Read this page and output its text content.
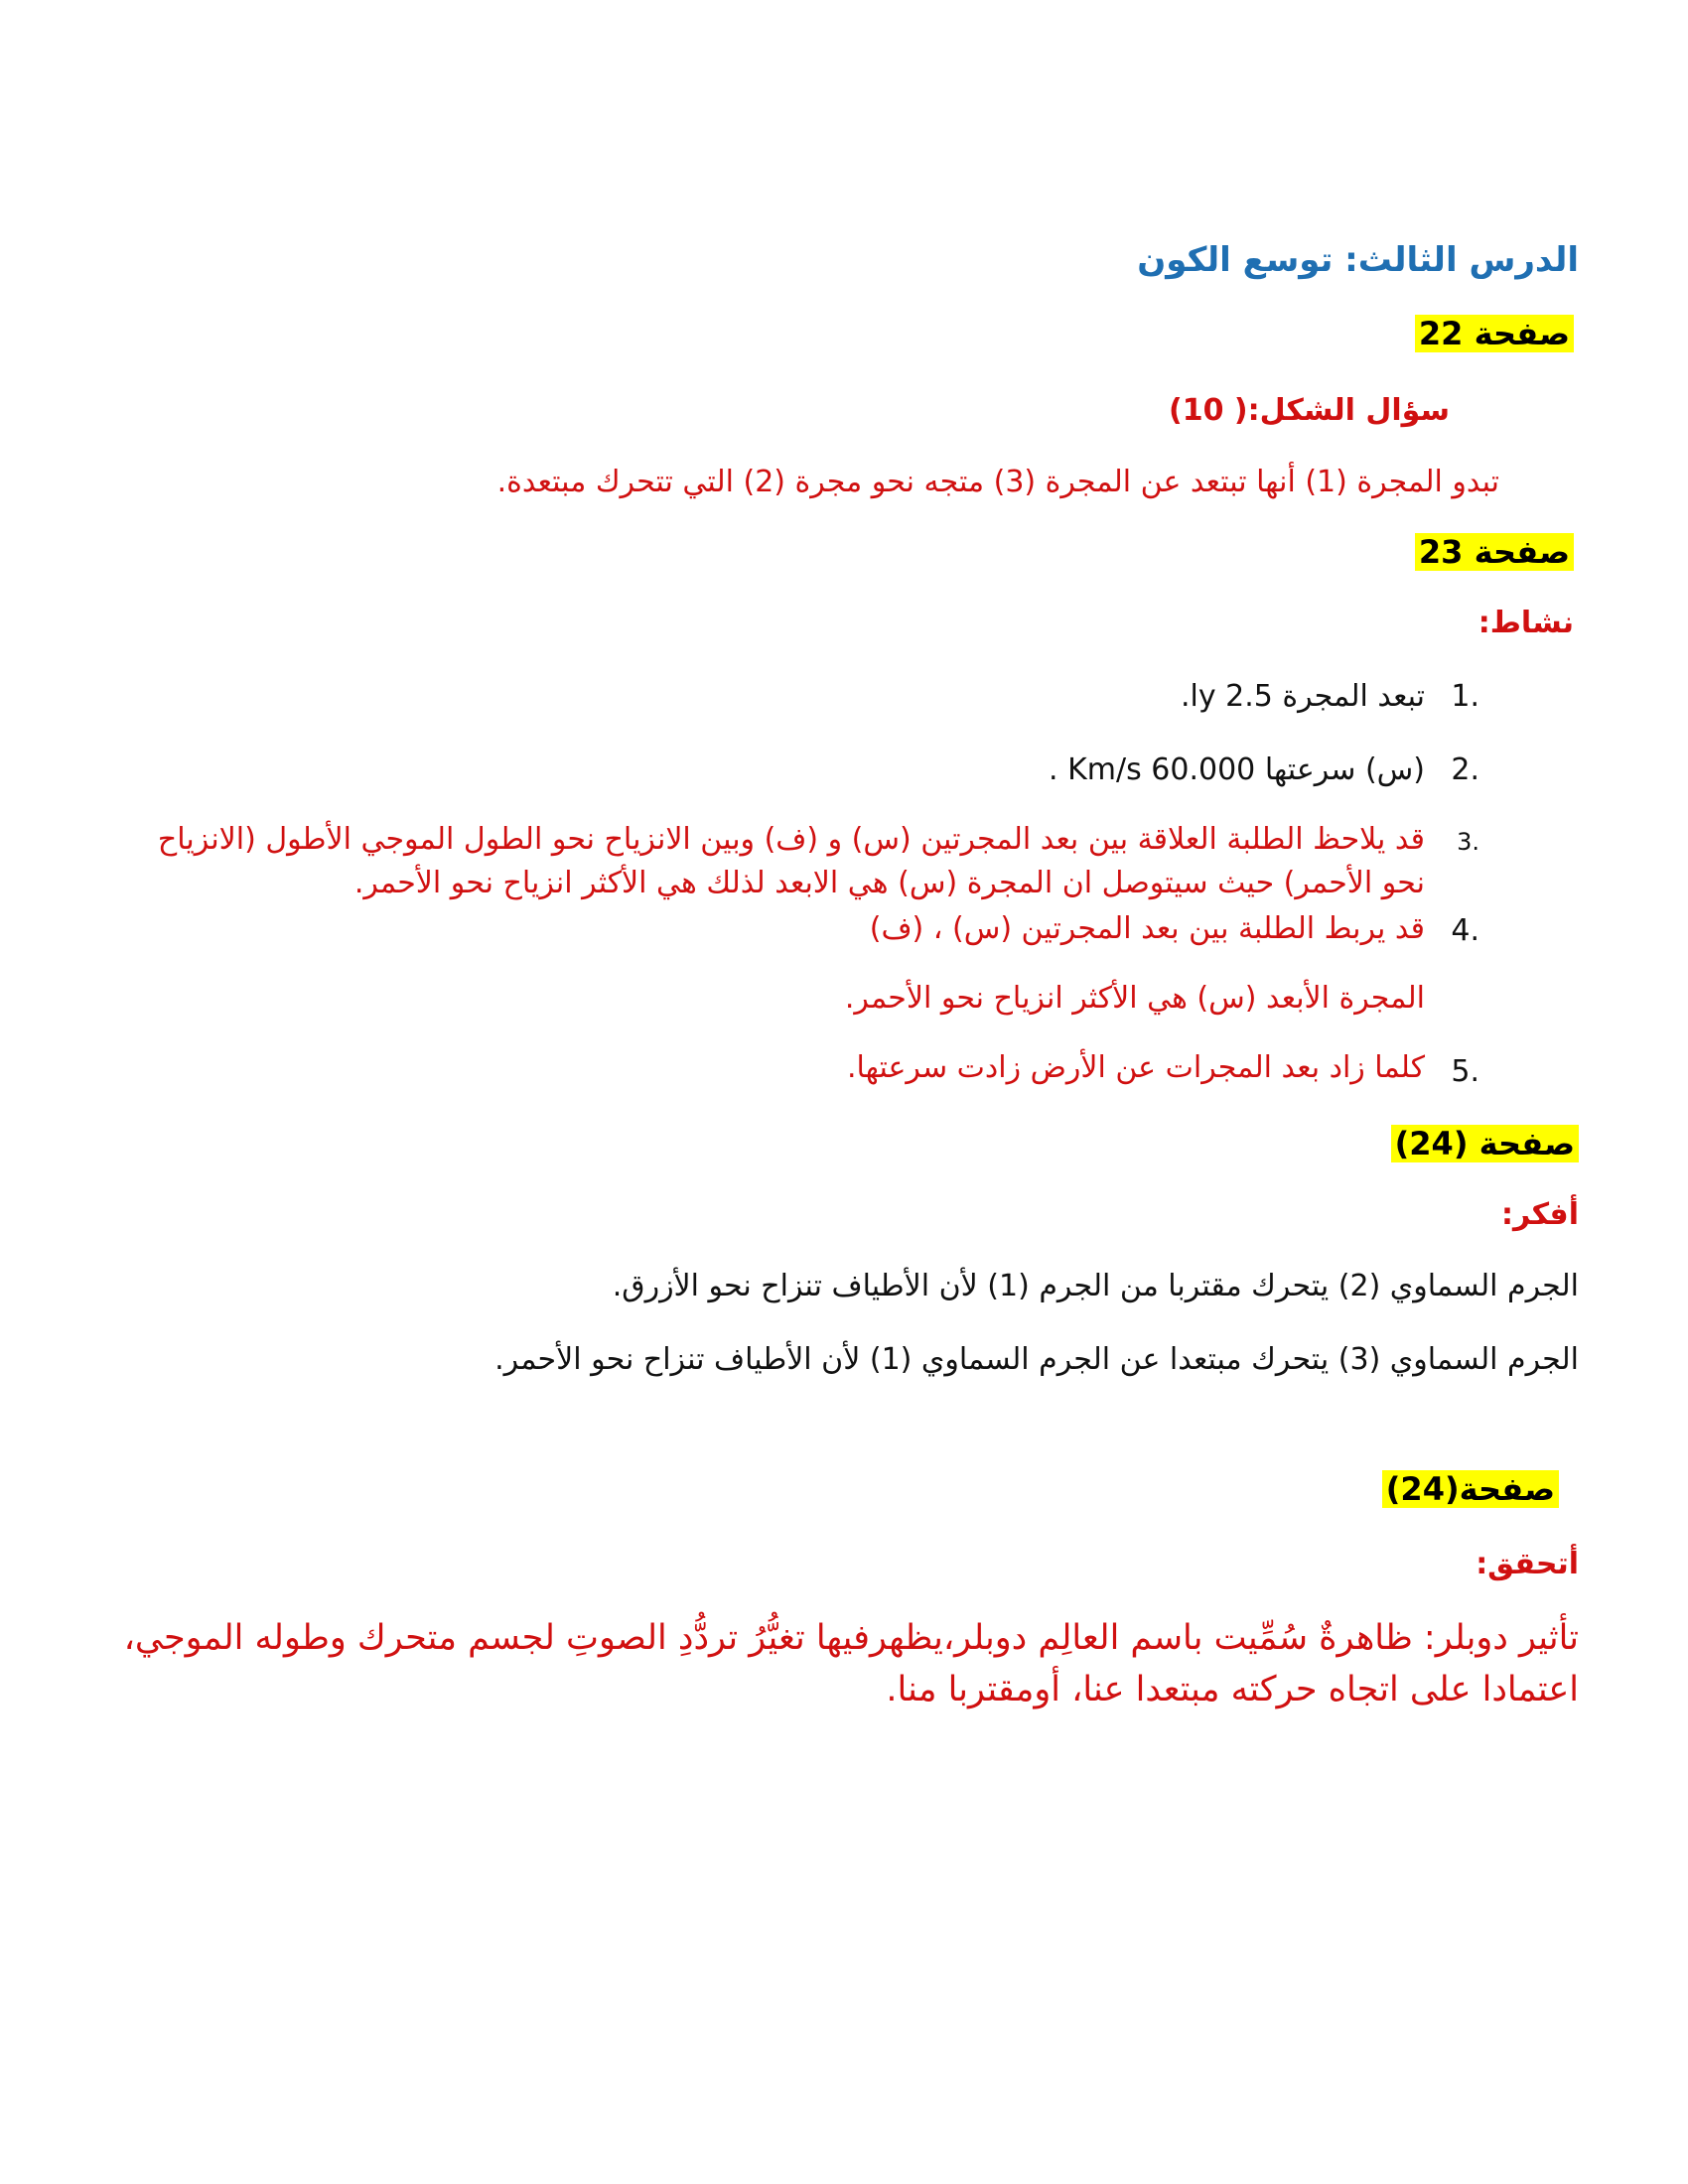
الدرس الثالث: توسع الكون
صفحة 22
سؤال الشكل:( 10)
تبدو المجرة (1) أنها تبتعد عن المجرة (3) متجه نحو مجرة (2) التي تتحرك مبتعدة.
صفحة 23
نشاط:
1.
تبعد المجرة 2.5 ly.
2.
(س) سرعتها 60.000 Km/s .
3.
قد يلاحظ الطلبة العلاقة بين بعد المجرتين (س) و (ف) وبين الانزياح نحو الطول الموجي الأطول (الانزياح
نحو الأحمر) حيث سيتوصل ان المجرة (س) هي الابعد لذلك هي الأكثر انزياح نحو الأحمر.
4.
قد يربط الطلبة بين بعد المجرتين (س) ، (ف)
المجرة الأبعد (س) هي الأكثر انزياح نحو الأحمر.
5.
كلما زاد بعد المجرات عن الأرض زادت سرعتها.
صفحة (24)
أفكر:
الجرم السماوي (2) يتحرك مقتربا من الجرم (1) لأن الأطياف تنزاح نحو الأزرق.
الجرم السماوي (3) يتحرك مبتعدا عن الجرم السماوي (1) لأن الأطياف تنزاح نحو الأحمر.
صفحة(24)
أتحقق:
تأثير دوبلر: ظاهرةٌ سُمِّيت باسم العالِم دوبلر،يظهرفيها تغيُّرُ تردُّدِ الصوتِ لجسم متحرك وطوله الموجي،
اعتمادا على اتجاه حركته مبتعدا عنا، أومقتربا منا.
